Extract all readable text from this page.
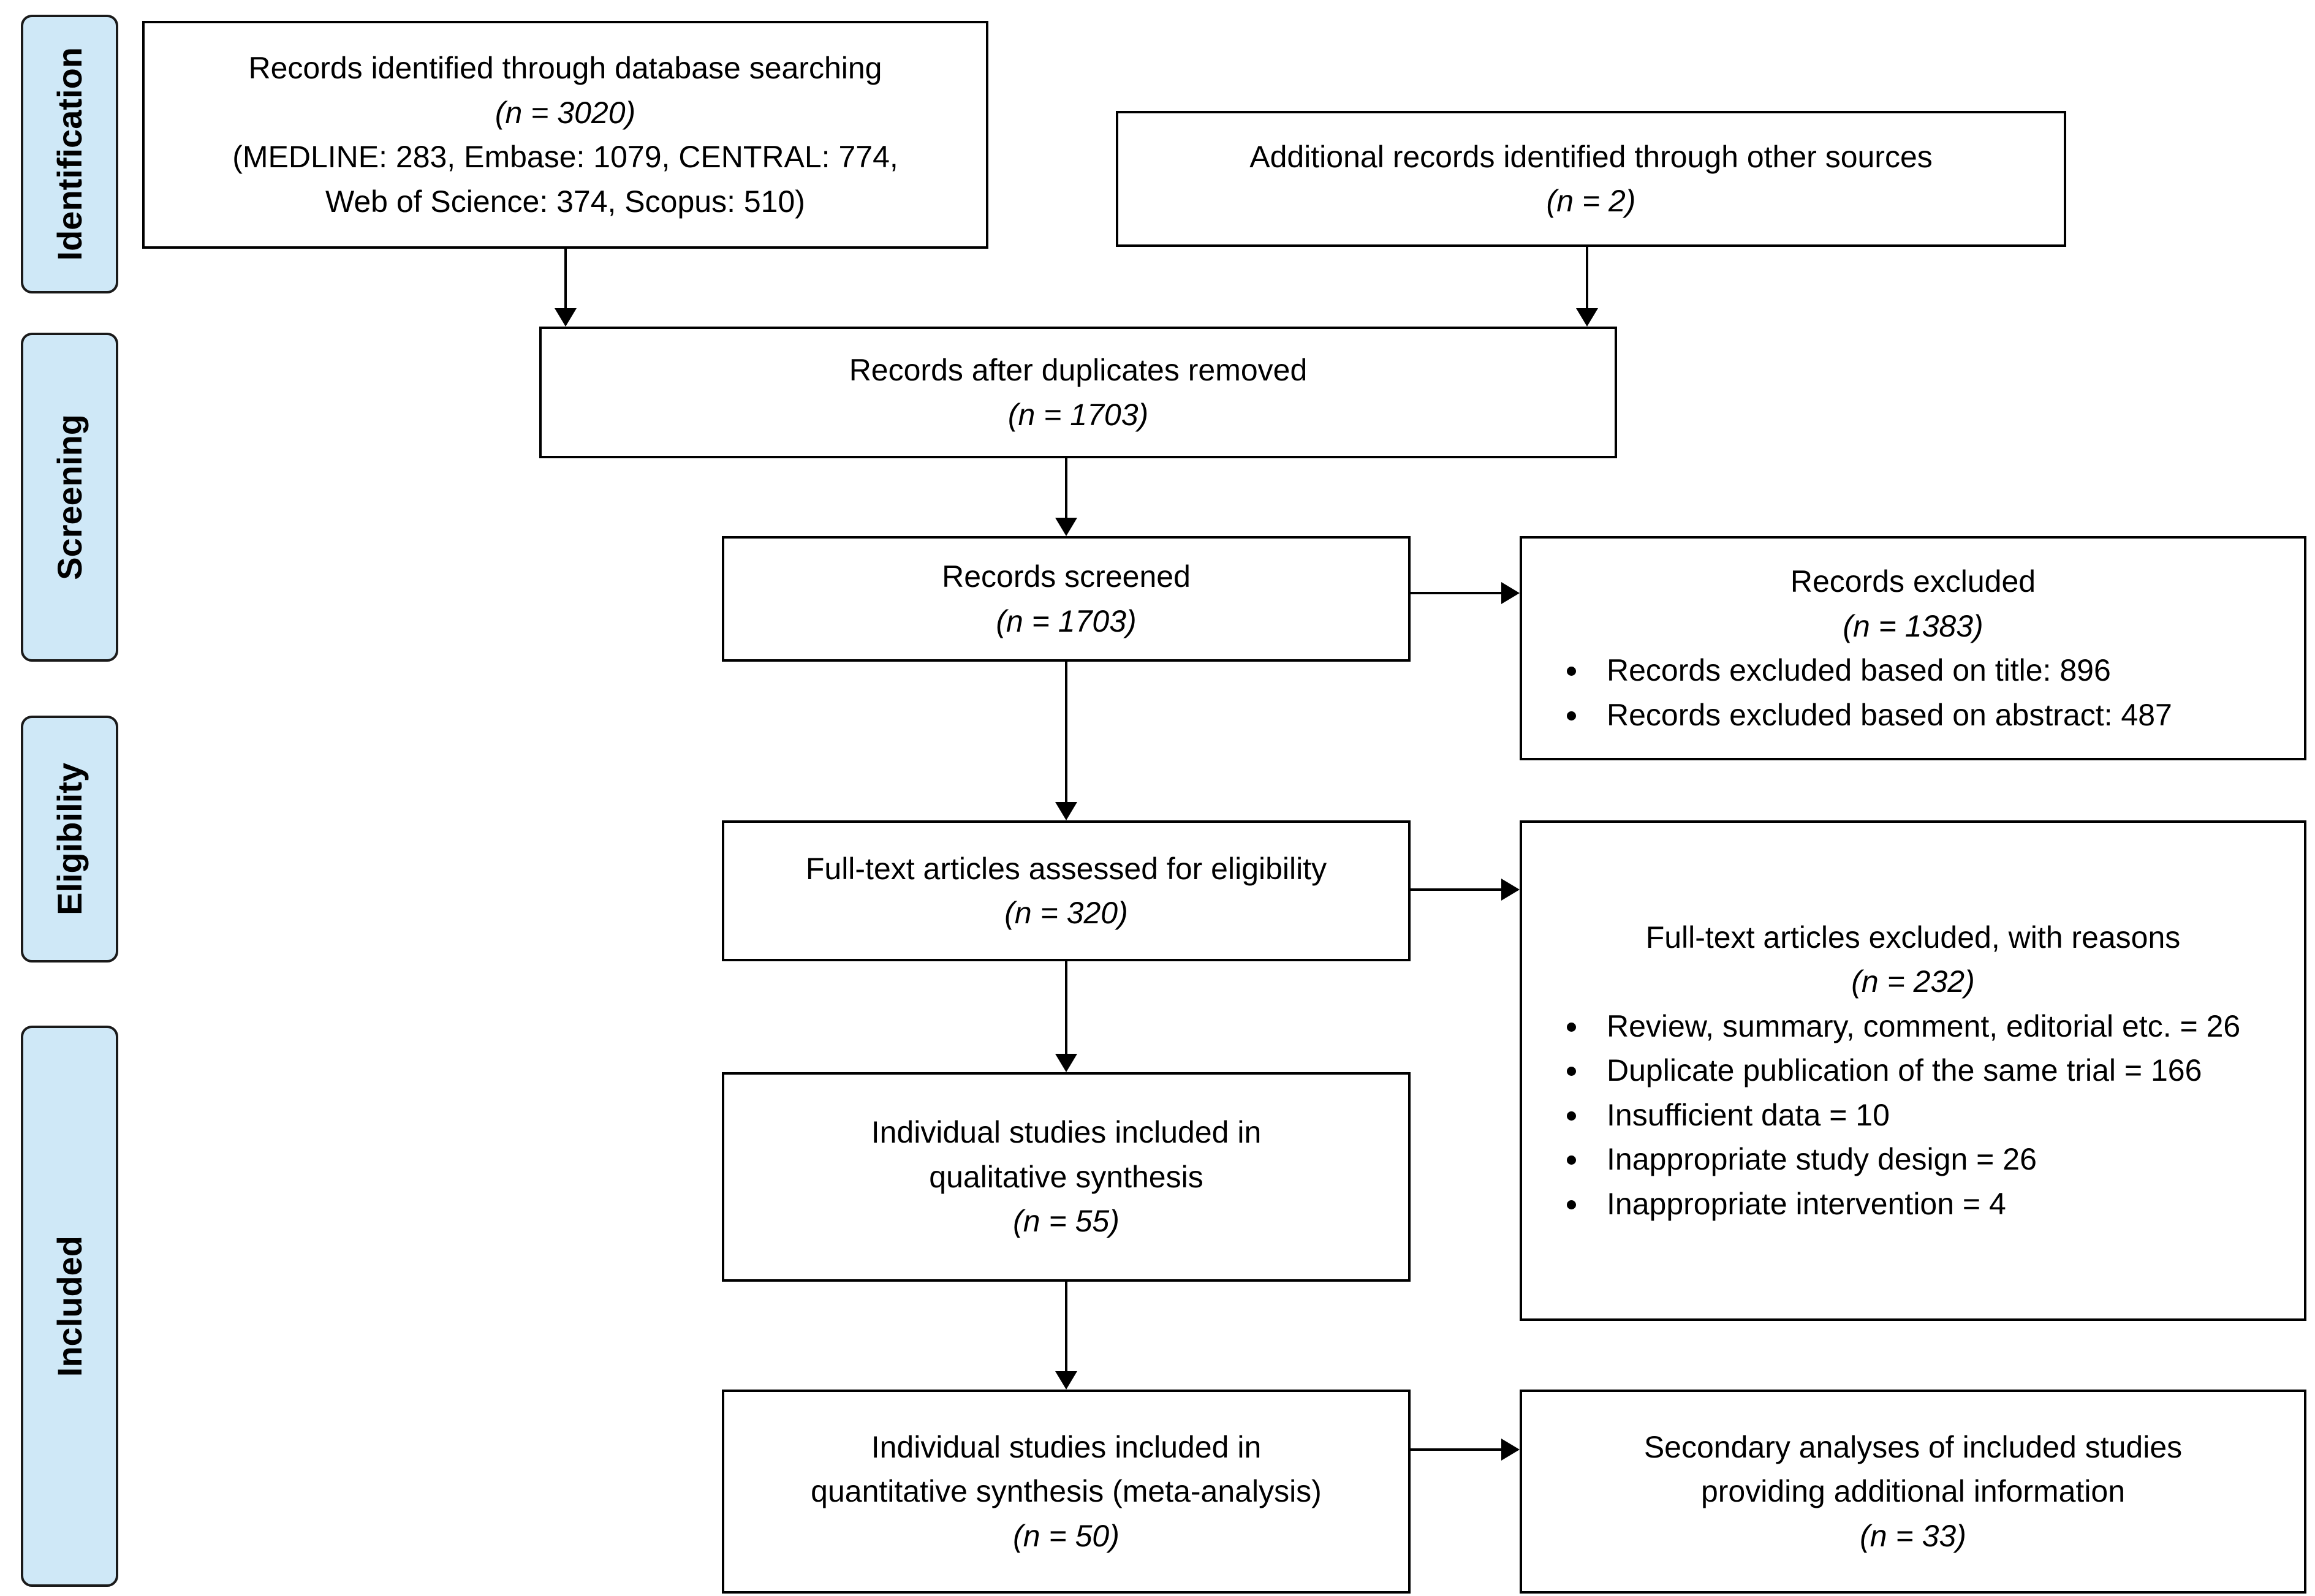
Identification
Screening
Eligibility
Included
Records identified through database searching
(n = 3020)
(MEDLINE: 283, Embase: 1079, CENTRAL: 774,
Web of Science: 374, Scopus: 510)
Additional records identified through other sources
(n = 2)
Records after duplicates removed
(n = 1703)
Records screened
(n = 1703)
Records excluded
(n = 1383)
• Records excluded based on title: 896
• Records excluded based on abstract: 487
Full-text articles assessed for eligibility
(n = 320)
Full-text articles excluded, with reasons
(n = 232)
• Review, summary, comment, editorial etc. = 26
• Duplicate publication of the same trial = 166
• Insufficient data = 10
• Inappropriate study design = 26
• Inappropriate intervention = 4
Individual studies included in
qualitative synthesis
(n = 55)
Individual studies included in
quantitative synthesis (meta-analysis)
(n = 50)
Secondary analyses of included studies
providing additional information
(n = 33)
